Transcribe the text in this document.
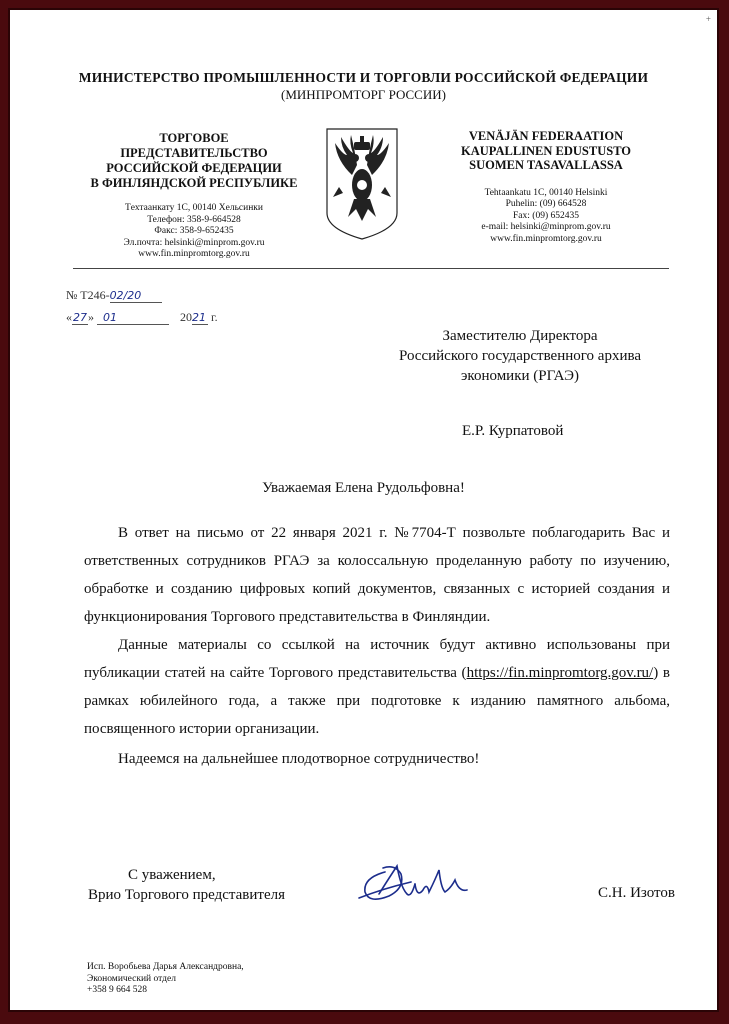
+
МИНИСТЕРСТВО ПРОМЫШЛЕННОСТИ И ТОРГОВЛИ РОССИЙСКОЙ ФЕДЕРАЦИИ
(МИНПРОМТОРГ РОССИИ)
ТОРГОВОЕ
ПРЕДСТАВИТЕЛЬСТВО
РОССИЙСКОЙ ФЕДЕРАЦИИ
В ФИНЛЯНДСКОЙ РЕСПУБЛИКЕ
Tехтаанкату 1C, 00140 Хельсинки
Телефон: 358-9-664528
Факс: 358-9-652435
Эл.почта: helsinki@minprom.gov.ru
www.fin.minpromtorg.gov.ru
VENÄJÄN FEDERAATION
KAUPALLINEN EDUSTUSTO
SUOMEN TASAVALLASSA
Tehtaankatu 1C, 00140 Helsinki
Puhelin: (09) 664528
Fax: (09) 652435
e-mail: helsinki@minprom.gov.ru
www.fin.minpromtorg.gov.ru
№ T246-02/20
«27» 01	2021 г.
Заместителю Директора
Российского государственного архива
экономики (РГАЭ)
Е.Р. Курпатовой
Уважаемая Елена Рудольфовна!

В ответ на письмо от 22 января 2021 г. №7704-Т позвольте поблагодарить Вас и ответственных сотрудников РГАЭ за колоссальную проделанную работу по изучению, обработке и созданию цифровых копий документов, связанных с историей создания и функционирования Торгового представительства в Финляндии.

Данные материалы со ссылкой на источник будут активно использованы при публикации статей на сайте Торгового представительства (https://fin.minpromtorg.gov.ru/) в рамках юбилейного года, а также при подготовке к изданию памятного альбома, посвященного истории организации.

Надеемся на дальнейшее плодотворное сотрудничество!

С уважением,
Врио Торгового представителя	С.Н. Изотов
Исп. Воробьева Дарья Александровна,
Экономический отдел
+358 9 664 528
